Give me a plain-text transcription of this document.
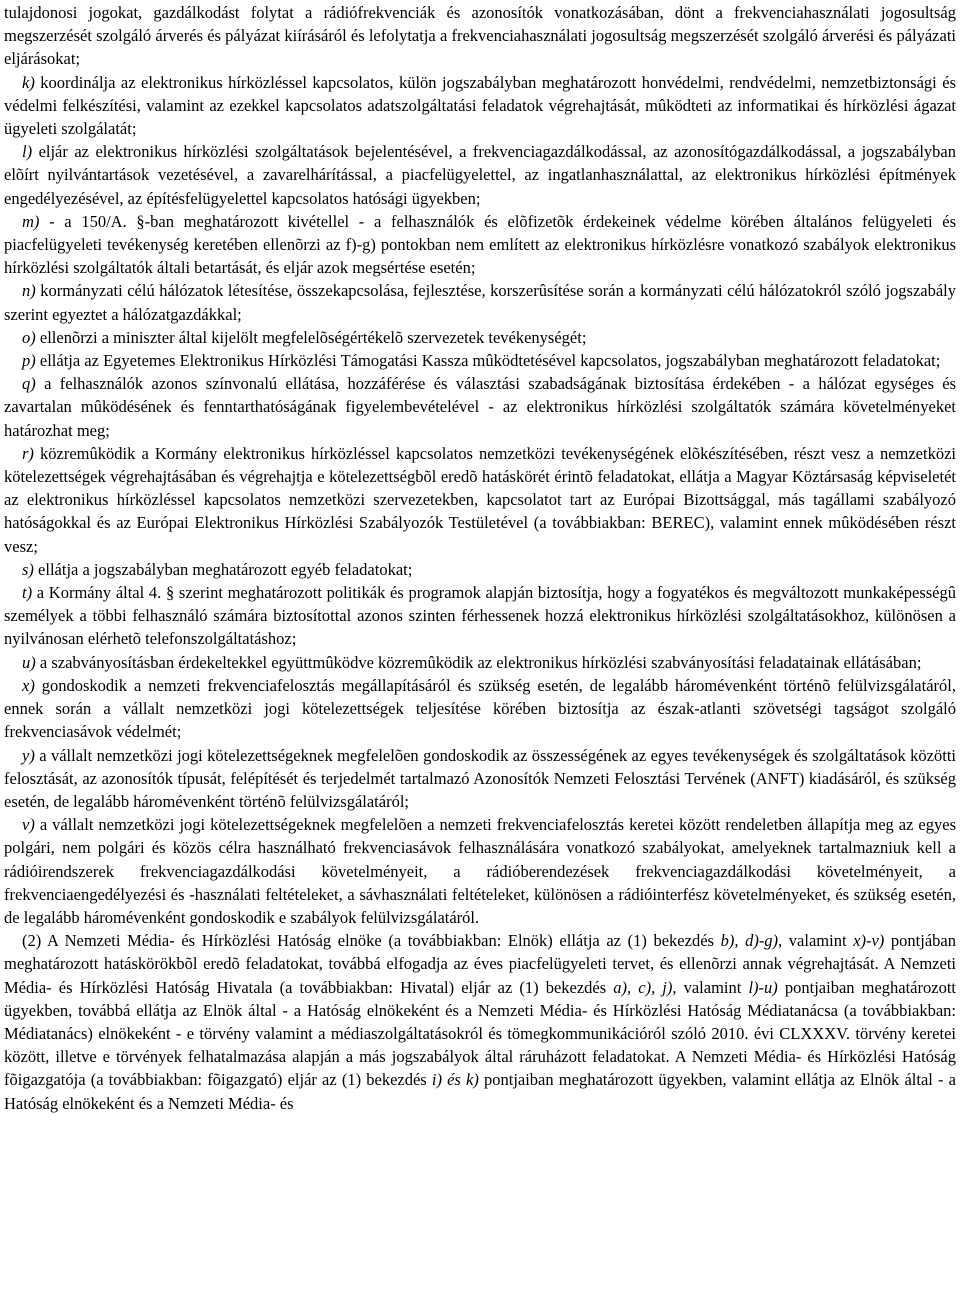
tulajdonosi jogokat, gazdálkodást folytat a rádiófrekvenciák és azonosítók vonatkozásában, dönt a frekvenciahasználati jogosultság megszerzését szolgáló árverés és pályázat kiírásáról és lefolytatja a frekvenciahasználati jogosultság megszerzését szolgáló árverési és pályázati eljárásokat;

k) koordinálja az elektronikus hírközléssel kapcsolatos, külön jogszabályban meghatározott honvédelmi, rendvédelmi, nemzetbiztonsági és védelmi felkészítési, valamint az ezekkel kapcsolatos adatszolgáltatási feladatok végrehajtását, mûködteti az informatikai és hírközlési ágazat ügyeleti szolgálatát;

l) eljár az elektronikus hírközlési szolgáltatások bejelentésével, a frekvenciagazdálkodással, az azonosítógazdálkodással, a jogszabályban elõírt nyilvántartások vezetésével, a zavarelhárítással, a piacfelügyelettel, az ingatlanhasználattal, az elektronikus hírközlési építmények engedélyezésével, az építésfelügyelettel kapcsolatos hatósági ügyekben;

m) - a 150/A. §-ban meghatározott kivétellel - a felhasználók és elõfizetõk érdekeinek védelme körében általános felügyeleti és piacfelügyeleti tevékenység keretében ellenõrzi az f)-g) pontokban nem említett az elektronikus hírközlésre vonatkozó szabályok elektronikus hírközlési szolgáltatók általi betartását, és eljár azok megsértése esetén;

n) kormányzati célú hálózatok létesítése, összekapcsolása, fejlesztése, korszerûsítése során a kormányzati célú hálózatokról szóló jogszabály szerint egyeztet a hálózatgazdákkal;

o) ellenõrzi a miniszter által kijelölt megfelelõségértékelõ szervezetek tevékenységét;

p) ellátja az Egyetemes Elektronikus Hírközlési Támogatási Kassza mûködtetésével kapcsolatos, jogszabályban meghatározott feladatokat;

q) a felhasználók azonos színvonalú ellátása, hozzáférése és választási szabadságának biztosítása érdekében - a hálózat egységes és zavartalan mûködésének és fenntarthatóságának figyelembevételével - az elektronikus hírközlési szolgáltatók számára követelményeket határozhat meg;

r) közremûködik a Kormány elektronikus hírközléssel kapcsolatos nemzetközi tevékenységének elõkészítésében, részt vesz a nemzetközi kötelezettségek végrehajtásában és végrehajtja e kötelezettségbõl eredõ hatáskörét érintõ feladatokat, ellátja a Magyar Köztársaság képviseletét az elektronikus hírközléssel kapcsolatos nemzetközi szervezetekben, kapcsolatot tart az Európai Bizottsággal, más tagállami szabályozó hatóságokkal és az Európai Elektronikus Hírközlési Szabályozók Testületével (a továbbiakban: BEREC), valamint ennek mûködésében részt vesz;

s) ellátja a jogszabályban meghatározott egyéb feladatokat;

t) a Kormány által 4. § szerint meghatározott politikák és programok alapján biztosítja, hogy a fogyatékos és megváltozott munkaképességû személyek a többi felhasználó számára biztosítottal azonos szinten férhessenek hozzá elektronikus hírközlési szolgáltatásokhoz, különösen a nyilvánosan elérhetõ telefonszolgáltatáshoz;

u) a szabványosításban érdekeltekkel együttmûködve közremûködik az elektronikus hírközlési szabványosítási feladatainak ellátásában;

x) gondoskodik a nemzeti frekvenciafelosztás megállapításáról és szükség esetén, de legalább háromévenként történõ felülvizsgálatáról, ennek során a vállalt nemzetközi jogi kötelezettségek teljesítése körében biztosítja az észak-atlanti szövetségi tagságot szolgáló frekvenciasávok védelmét;

y) a vállalt nemzetközi jogi kötelezettségeknek megfelelõen gondoskodik az összességének az egyes tevékenységek és szolgáltatások közötti felosztását, az azonosítók típusát, felépítését és terjedelmét tartalmazó Azonosítók Nemzeti Felosztási Tervének (ANFT) kiadásáról, és szükség esetén, de legalább háromévenként történõ felülvizsgálatáról;

v) a vállalt nemzetközi jogi kötelezettségeknek megfelelõen a nemzeti frekvenciafelosztás keretei között rendeletben állapítja meg az egyes polgári, nem polgári és közös célra használható frekvenciasávok felhasználására vonatkozó szabályokat, amelyeknek tartalmazniuk kell a rádióirendszerek frekvenciagazdálkodási követelményeit, a rádióberendezések frekvenciagazdálkodási követelményeit, a frekvenciaengedélyezési és -használati feltételeket, a sávhasználati feltételeket, különösen a rádióinterfész követelményeket, és szükség esetén, de legalább háromévenként gondoskodik e szabályok felülvizsgálatáról.

(2) A Nemzeti Média- és Hírközlési Hatóság elnöke (a továbbiakban: Elnök) ellátja az (1) bekezdés b), d)-g), valamint x)-v) pontjában meghatározott hatáskörökbõl eredõ feladatokat, továbbá elfogadja az éves piacfelügyeleti tervet, és ellenõrzi annak végrehajtását. A Nemzeti Média- és Hírközlési Hatóság Hivatala (a továbbiakban: Hivatal) eljár az (1) bekezdés a), c), j), valamint l)-u) pontjaiban meghatározott ügyekben, továbbá ellátja az Elnök által - a Hatóság elnökeként és a Nemzeti Média- és Hírközlési Hatóság Médiatanácsa (a továbbiakban: Médiatanács) elnökeként - e törvény valamint a médiaszolgáltatásokról és tömegkommunikációról szóló 2010. évi CLXXXV. törvény keretei között, illetve e törvények felhatalmazása alapján a más jogszabályok által ráruházott feladatokat. A Nemzeti Média- és Hírközlési Hatóság fõigazgatója (a továbbiakban: fõigazgató) eljár az (1) bekezdés i) és k) pontjaiban meghatározott ügyekben, valamint ellátja az Elnök által - a Hatóság elnökeként és a Nemzeti Média- és
